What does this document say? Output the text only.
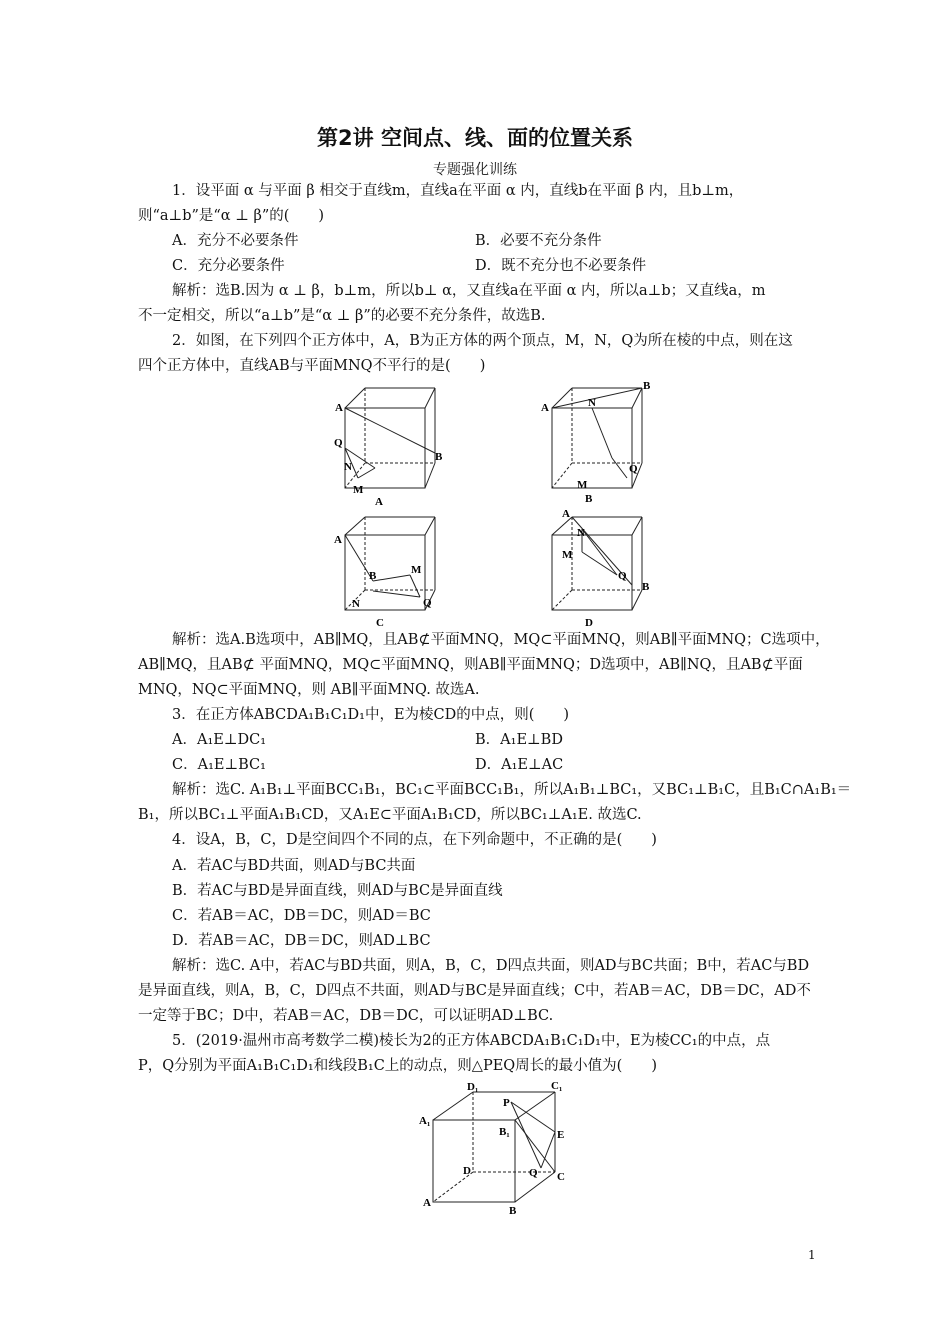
第2讲 空间点、线、面的位置关系
专题强化训练
1．设平面 α 与平面 β 相交于直线m，直线a在平面 α 内，直线b在平面 β 内，且b⊥m，
则“a⊥b”是“α ⊥ β”的(　　)
A．充分不必要条件	B．必要不充分条件
C．充分必要条件	D．既不充分也不必要条件
解析：选B.因为 α ⊥ β，b⊥m，所以b⊥ α，又直线a在平面 α 内，所以a⊥b；又直线a，m
不一定相交，所以“a⊥b”是“α ⊥ β”的必要不充分条件，故选B.
2．如图，在下列四个正方体中，A，B为正方体的两个顶点，M，N，Q为所在棱的中点，则在这
四个正方体中，直线AB与平面MNQ不平行的是(　　)
A
Q
N
M
B
A
A	N
B
M
Q
B
A
B	M
N	Q
C
A
N
M
Q
B
D
解析：选A.B选项中，AB∥MQ，且AB⊄平面MNQ，MQ⊂平面MNQ，则AB∥平面MNQ；C选项中，
AB∥MQ，且AB⊄ 平面MNQ，MQ⊂平面MNQ，则AB∥平面MNQ；D选项中，AB∥NQ，且AB⊄平面
MNQ，NQ⊂平面MNQ，则 AB∥平面MNQ. 故选A.
3．在正方体ABCDA₁B₁C₁D₁中，E为棱CD的中点，则(　　)
A．A₁E⊥DC₁	B．A₁E⊥BD
C．A₁E⊥BC₁	D．A₁E⊥AC
解析：选C. A₁B₁⊥平面BCC₁B₁，BC₁⊂平面BCC₁B₁，所以A₁B₁⊥BC₁，又BC₁⊥B₁C，且B₁C∩A₁B₁＝
B₁，所以BC₁⊥平面A₁B₁CD，又A₁E⊂平面A₁B₁CD，所以BC₁⊥A₁E. 故选C.
4．设A，B，C，D是空间四个不同的点，在下列命题中，不正确的是(　　)
A．若AC与BD共面，则AD与BC共面
B．若AC与BD是异面直线，则AD与BC是异面直线
C．若AB＝AC，DB＝DC，则AD＝BC
D．若AB＝AC，DB＝DC，则AD⊥BC
解析：选C. A中，若AC与BD共面，则A，B，C，D四点共面，则AD与BC共面；B中，若AC与BD
是异面直线，则A，B，C，D四点不共面，则AD与BC是异面直线；C中，若AB＝AC，DB＝DC，AD不
一定等于BC；D中，若AB＝AC，DB＝DC，可以证明AD⊥BC.
5．(2019·温州市高考数学二模)棱长为2的正方体ABCDA₁B₁C₁D₁中，E为棱CC₁的中点，点
P，Q分别为平面A₁B₁C₁D₁和线段B₁C上的动点，则△PEQ周长的最小值为(　　)
D₁	C₁
A₁
P
B₁	E
D	Q C
A
B
1
